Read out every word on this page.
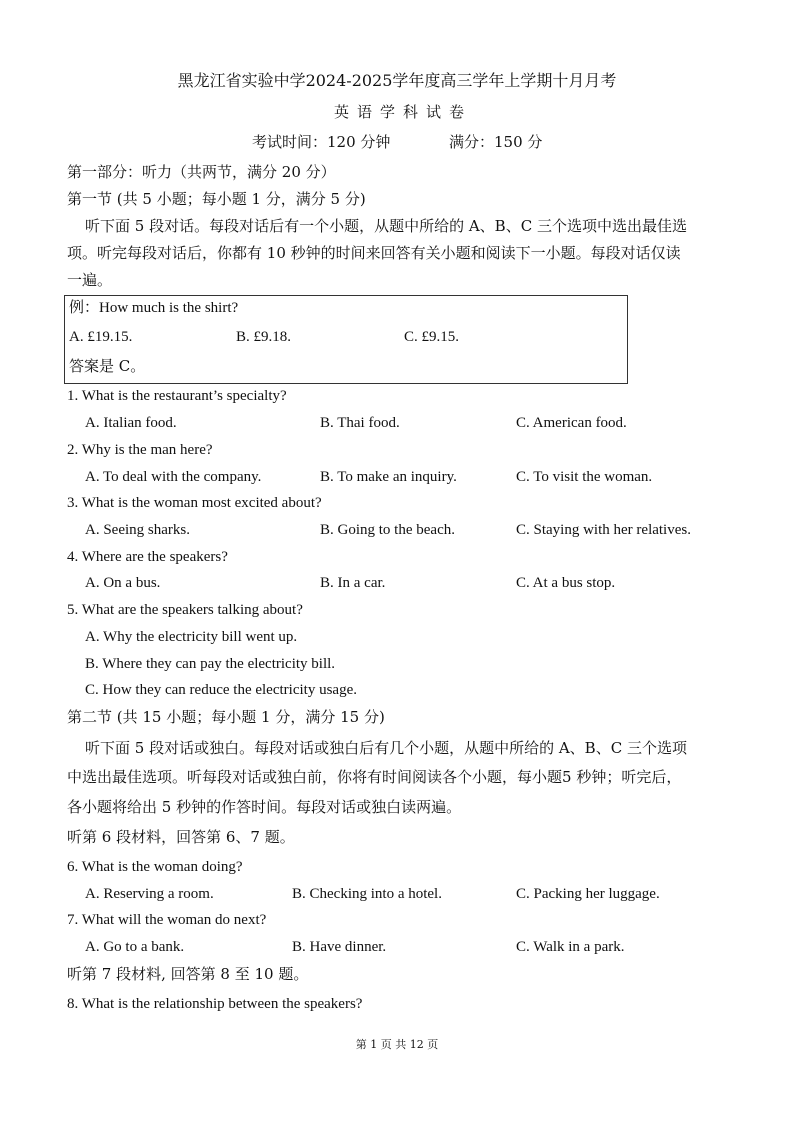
黑龙江省实验中学2024-2025学年度高三学年上学期十月月考

英语学科试卷

考试时间：120 分钟	满分：150 分

第一部分：听力（共两节，满分 20 分）

第一节 (共 5 小题；每小题 1 分，满分 5 分)

听下面 5 段对话。每段对话后有一个小题，从题中所给的 A、B、C 三个选项中选出最佳选

项。听完每段对话后，你都有 10 秒钟的时间来回答有关小题和阅读下一小题。每段对话仅读

一遍。

例：How much is the shirt?

A. £19.15.	B. £9.18.	C. £9.15.

答案是 C。

1. What is the restaurant’s specialty?

A. Italian food.	B. Thai food.	C. American food.

2. Why is the man here?

A. To deal with the company.	B. To make an inquiry.	C. To visit the woman.

3. What is the woman most excited about?

A. Seeing sharks.	B. Going to the beach.	C. Staying with her relatives.

4. Where are the speakers?

A. On a bus.	B. In a car.	C. At a bus stop.

5. What are the speakers talking about?

A. Why the electricity bill went up.

B. Where they can pay the electricity bill.

C. How they can reduce the electricity usage.

第二节 (共 15 小题；每小题 1 分，满分 15 分)

听下面 5 段对话或独白。每段对话或独白后有几个小题，从题中所给的 A、B、C 三个选项

中选出最佳选项。听每段对话或独白前，你将有时间阅读各个小题，每小题5 秒钟；听完后，

各小题将给出 5 秒钟的作答时间。每段对话或独白读两遍。

听第 6 段材料，回答第 6、7 题。

6. What is the woman doing?

A. Reserving a room.	B. Checking into a hotel.	C. Packing her luggage.

7. What will the woman do next?

A. Go to a bank.	B. Have dinner.	C. Walk in a park.

听第 7 段材料, 回答第 8 至 10 题。

8. What is the relationship between the speakers?

第 1 页 共 12 页
